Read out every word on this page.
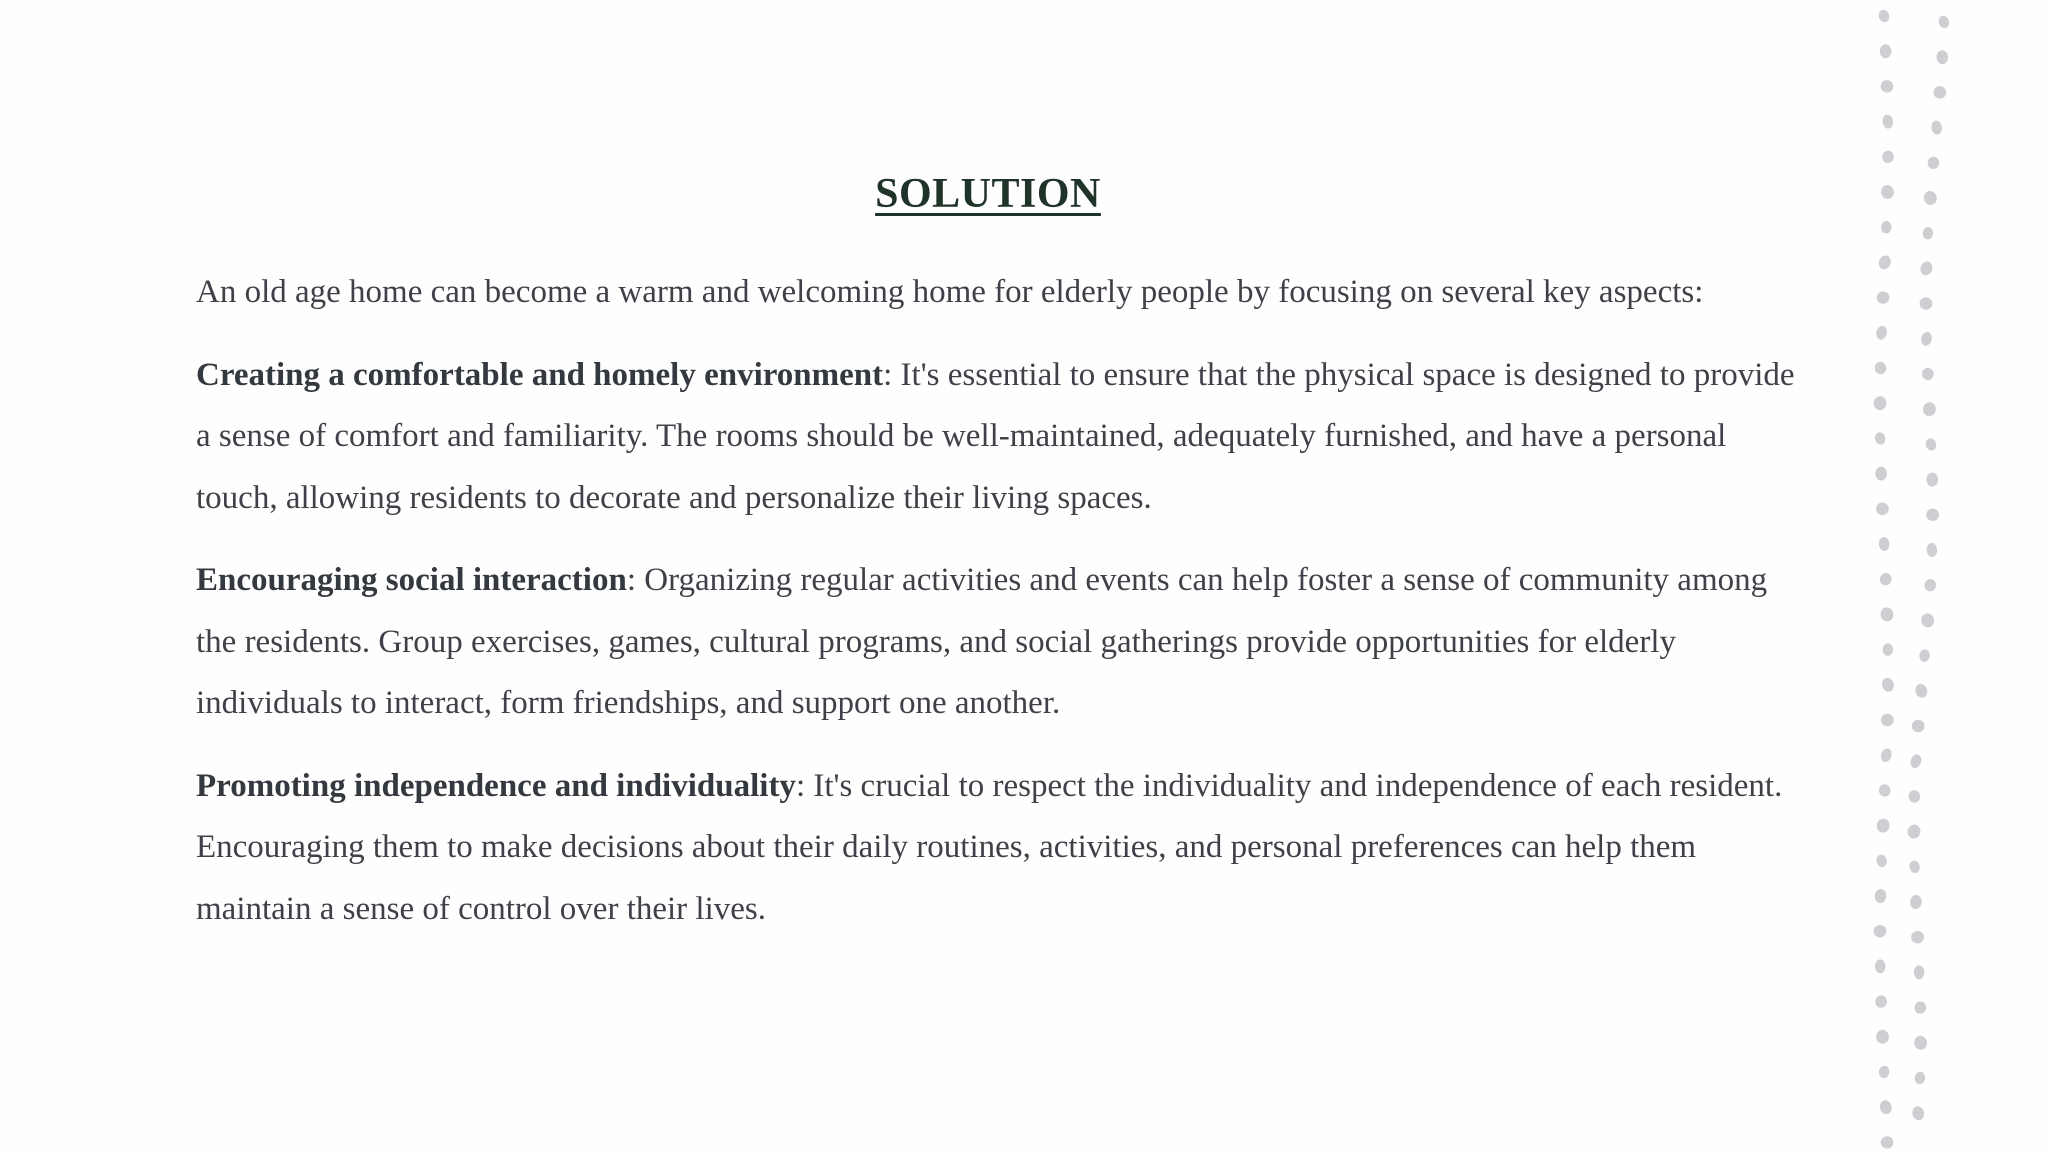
SOLUTION

An old age home can become a warm and welcoming home for elderly people by focusing on several key aspects:

Creating a comfortable and homely environment: It's essential to ensure that the physical space is designed to provide a sense of comfort and familiarity. The rooms should be well-maintained, adequately furnished, and have a personal touch, allowing residents to decorate and personalize their living spaces.

Encouraging social interaction: Organizing regular activities and events can help foster a sense of community among the residents. Group exercises, games, cultural programs, and social gatherings provide opportunities for elderly individuals to interact, form friendships, and support one another.

Promoting independence and individuality: It's crucial to respect the individuality and independence of each resident. Encouraging them to make decisions about their daily routines, activities, and personal preferences can help them maintain a sense of control over their lives.
